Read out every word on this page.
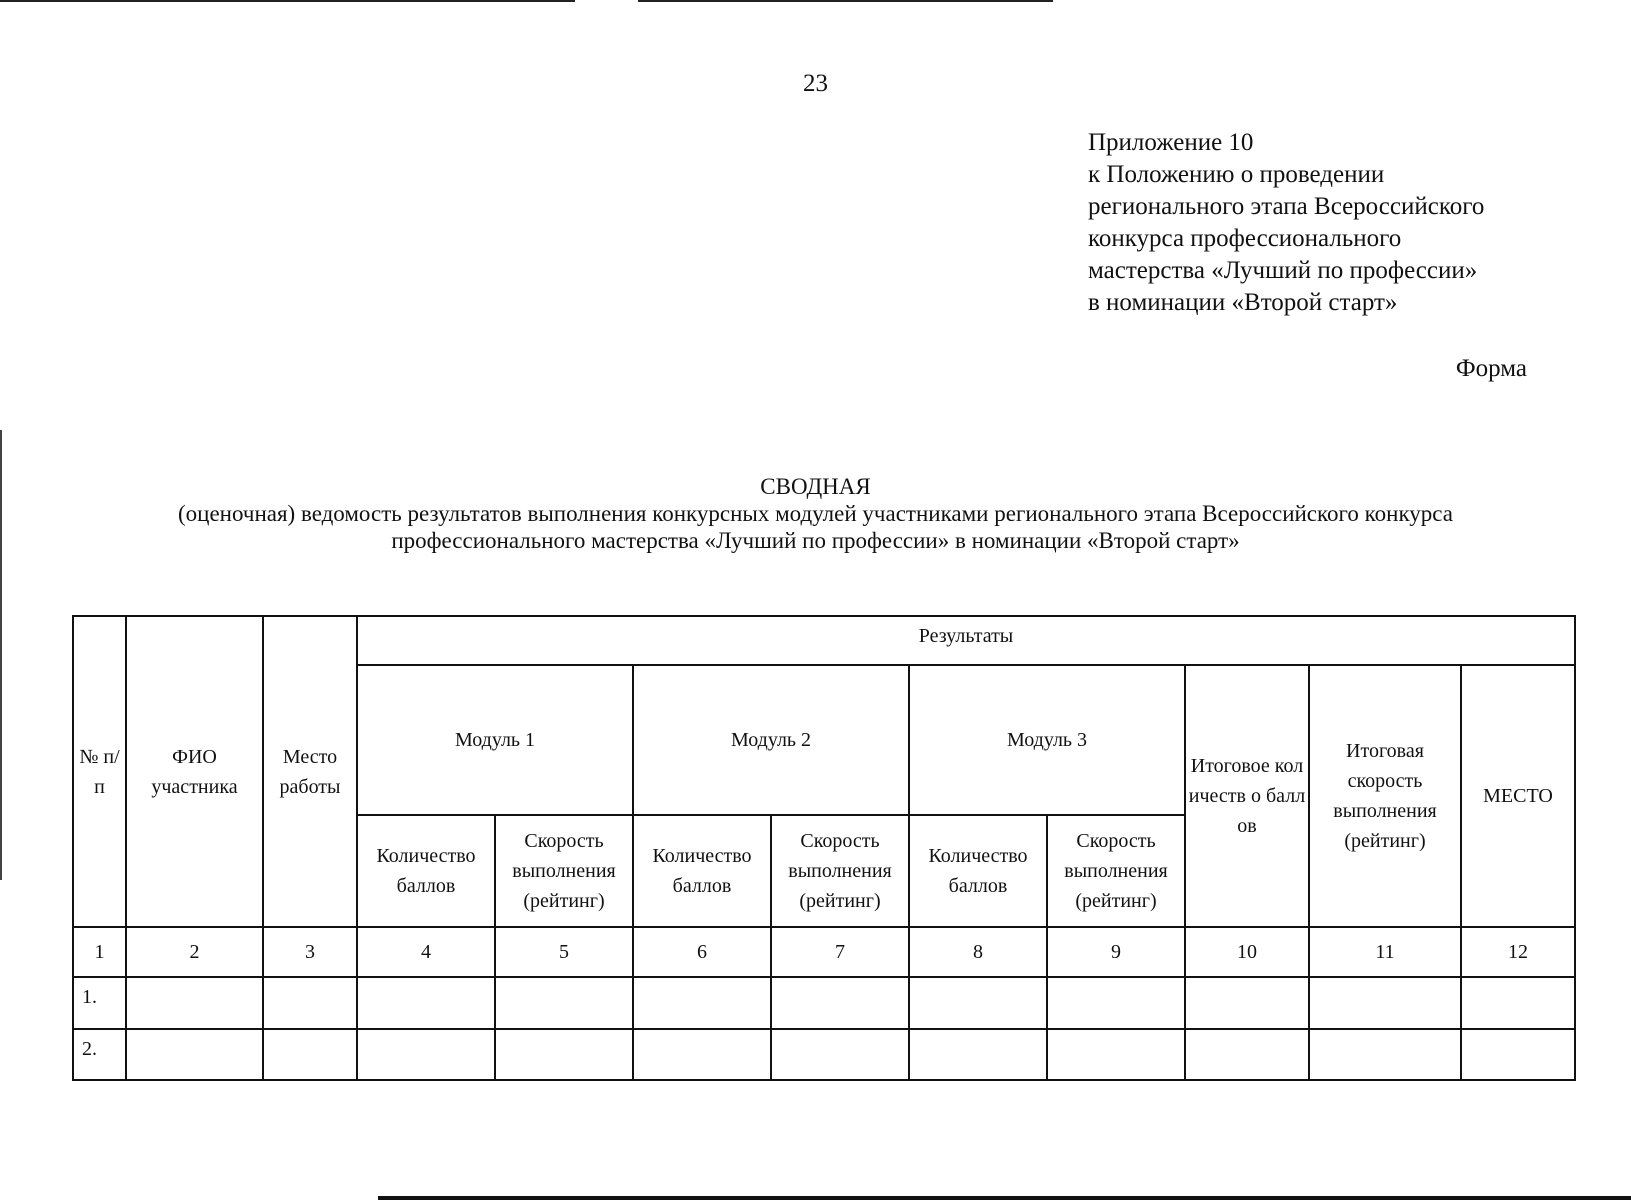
23
Приложение 10
к Положению о проведении
регионального этапа Всероссийского
конкурса профессионального
мастерства «Лучший по профессии»
в номинации «Второй старт»
Форма
СВОДНАЯ
(оценочная) ведомость результатов выполнения конкурсных модулей участниками регионального этапа Всероссийского конкурса
профессионального мастерства «Лучший по профессии» в номинации «Второй старт»
№ п/п	ФИО участника	Место работы	Результаты								
			Модуль 1		Модуль 2		Модуль 3		Итоговое количеств о баллов	Итоговая скорость выполнения (рейтинг)	МЕСТО
			Количество баллов	Скорость выполнения (рейтинг)	Количество баллов	Скорость выполнения (рейтинг)	Количество баллов	Скорость выполнения (рейтинг)			
1	2	3	4	5	6	7	8	9	10	11	12
1.											
2.											
